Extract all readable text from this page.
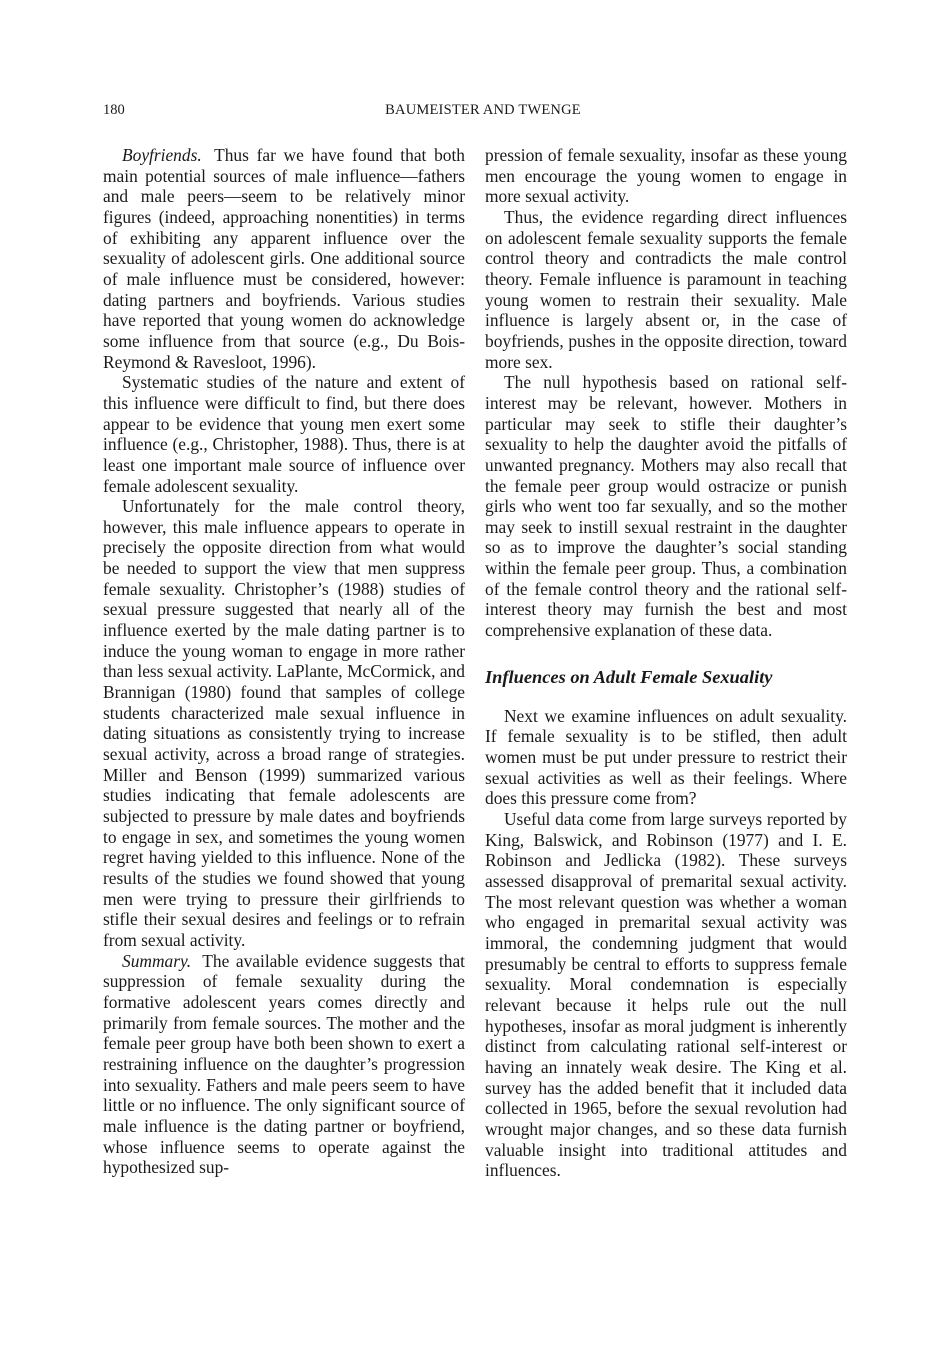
180	BAUMEISTER AND TWENGE

Boyfriends. Thus far we have found that both main potential sources of male influence—fathers and male peers—seem to be relatively minor figures (indeed, approaching nonentities) in terms of exhibiting any apparent influence over the sexuality of adolescent girls. One additional source of male influence must be considered, however: dating partners and boyfriends. Various studies have reported that young women do acknowledge some influence from that source (e.g., Du Bois-Reymond & Ravesloot, 1996).

Systematic studies of the nature and extent of this influence were difficult to find, but there does appear to be evidence that young men exert some influence (e.g., Christopher, 1988). Thus, there is at least one important male source of influence over female adolescent sexuality.

Unfortunately for the male control theory, however, this male influence appears to operate in precisely the opposite direction from what would be needed to support the view that men suppress female sexuality. Christopher’s (1988) studies of sexual pressure suggested that nearly all of the influence exerted by the male dating partner is to induce the young woman to engage in more rather than less sexual activity. LaPlante, McCormick, and Brannigan (1980) found that samples of college students characterized male sexual influence in dating situations as consistently trying to increase sexual activity, across a broad range of strategies. Miller and Benson (1999) summarized various studies indicating that female adolescents are subjected to pressure by male dates and boyfriends to engage in sex, and sometimes the young women regret having yielded to this influence. None of the results of the studies we found showed that young men were trying to pressure their girlfriends to stifle their sexual desires and feelings or to refrain from sexual activity.

Summary. The available evidence suggests that suppression of female sexuality during the formative adolescent years comes directly and primarily from female sources. The mother and the female peer group have both been shown to exert a restraining influence on the daughter’s progression into sexuality. Fathers and male peers seem to have little or no influence. The only significant source of male influence is the dating partner or boyfriend, whose influence seems to operate against the hypothesized sup-

pression of female sexuality, insofar as these young men encourage the young women to engage in more sexual activity.

Thus, the evidence regarding direct influences on adolescent female sexuality supports the female control theory and contradicts the male control theory. Female influence is paramount in teaching young women to restrain their sexuality. Male influence is largely absent or, in the case of boyfriends, pushes in the opposite direction, toward more sex.

The null hypothesis based on rational self-interest may be relevant, however. Mothers in particular may seek to stifle their daughter’s sexuality to help the daughter avoid the pitfalls of unwanted pregnancy. Mothers may also recall that the female peer group would ostracize or punish girls who went too far sexually, and so the mother may seek to instill sexual restraint in the daughter so as to improve the daughter’s social standing within the female peer group. Thus, a combination of the female control theory and the rational self-interest theory may furnish the best and most comprehensive explanation of these data.

Influences on Adult Female Sexuality

Next we examine influences on adult sexuality. If female sexuality is to be stifled, then adult women must be put under pressure to restrict their sexual activities as well as their feelings. Where does this pressure come from?

Useful data come from large surveys reported by King, Balswick, and Robinson (1977) and I. E. Robinson and Jedlicka (1982). These surveys assessed disapproval of premarital sexual activity. The most relevant question was whether a woman who engaged in premarital sexual activity was immoral, the condemning judgment that would presumably be central to efforts to suppress female sexuality. Moral condemnation is especially relevant because it helps rule out the null hypotheses, insofar as moral judgment is inherently distinct from calculating rational self-interest or having an innately weak desire. The King et al. survey has the added benefit that it included data collected in 1965, before the sexual revolution had wrought major changes, and so these data furnish valuable insight into traditional attitudes and influences.
